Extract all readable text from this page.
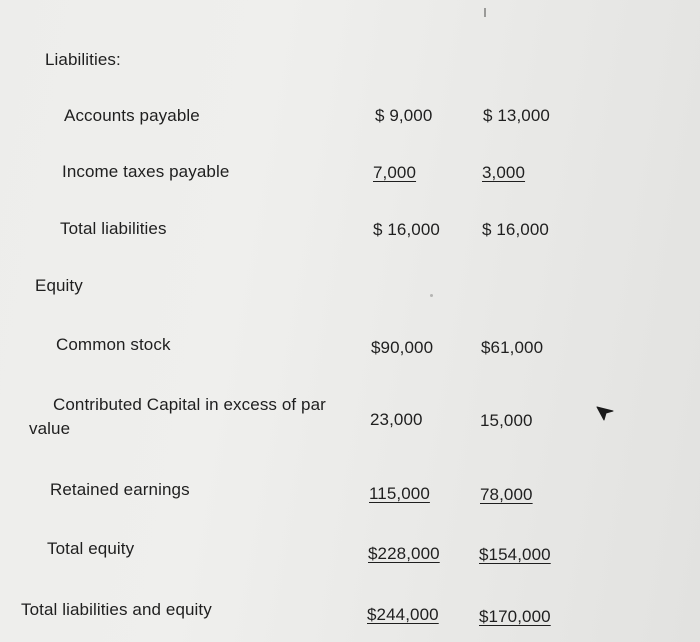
Liabilities:
Accounts payable	$ 9,000	$ 13,000
Income taxes payable	7,000	3,000
Total liabilities	$ 16,000 $ 16,000
Equity
Common stock	$90,000	$61,000
Contributed Capital in excess of par
value	23,000	15,000
Retained earnings	115,000	78,000
Total equity	$228,000 $154,000
Total liabilities and equity	$244,000 $170,000
